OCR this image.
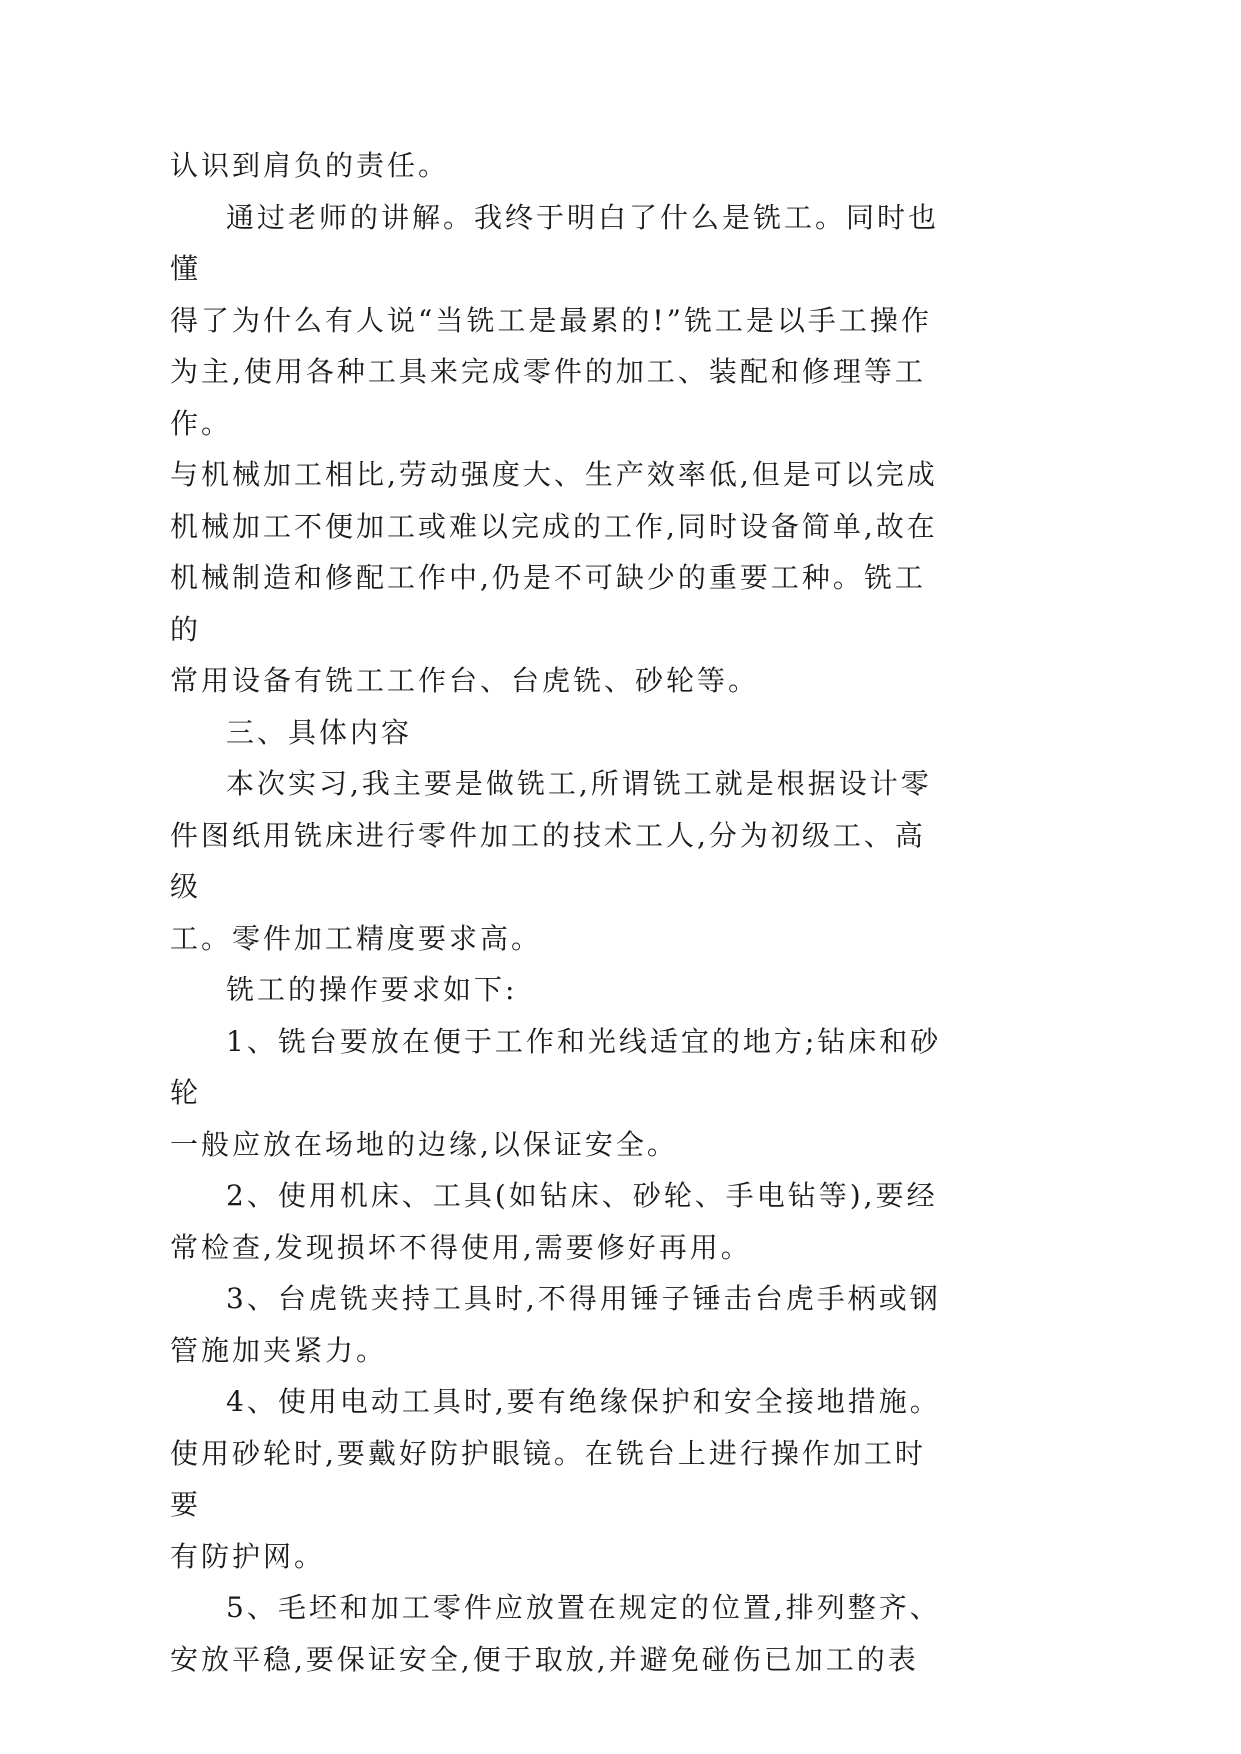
认识到肩负的责任。

通过老师的讲解。我终于明白了什么是铣工。同时也懂
得了为什么有人说“当铣工是最累的!”铣工是以手工操作
为主,使用各种工具来完成零件的加工、装配和修理等工作。
与机械加工相比,劳动强度大、生产效率低,但是可以完成
机械加工不便加工或难以完成的工作,同时设备简单,故在
机械制造和修配工作中,仍是不可缺少的重要工种。铣工的
常用设备有铣工工作台、台虎铣、砂轮等。

三、具体内容

本次实习,我主要是做铣工,所谓铣工就是根据设计零
件图纸用铣床进行零件加工的技术工人,分为初级工、高级
工。零件加工精度要求高。

铣工的操作要求如下:

1、铣台要放在便于工作和光线适宜的地方;钻床和砂轮
一般应放在场地的边缘,以保证安全。

2、使用机床、工具(如钻床、砂轮、手电钻等),要经
常检查,发现损坏不得使用,需要修好再用。

3、台虎铣夹持工具时,不得用锤子锤击台虎手柄或钢
管施加夹紧力。

4、使用电动工具时,要有绝缘保护和安全接地措施。
使用砂轮时,要戴好防护眼镜。在铣台上进行操作加工时要
有防护网。

5、毛坯和加工零件应放置在规定的位置,排列整齐、
安放平稳,要保证安全,便于取放,并避免碰伤已加工的表
